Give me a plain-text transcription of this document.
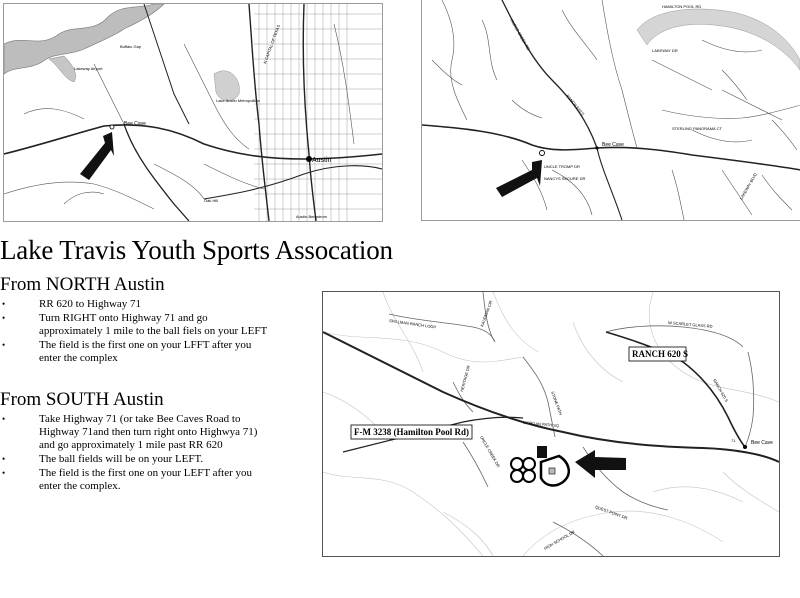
Bee Cave
Austin
Lake Austin Metropolitan
Lakeway Airport
Buffalo Gap
Oak Hill
N CAPITAL OF TEXAS
Austin-Bergstrom
Bee Cave
RANCH 620 S
LAKEWAY DR
STERLING PANORAMA CT
UNCLE TROMP DR
NANCYS SECURE DR
HURST CREEK RD
HAMILTON POOL RD
LAKEWAY BLVD
Lake Travis Youth Sports Assocation
From NORTH Austin
•	RR 620 to Highway 71
•	Turn RIGHT onto Highway 71 and go approximately 1 mile to the ball fiels on your LEFT
•	The field is the first one on your LFFT after you enter the complex
From SOUTH Austin
•	Take Highway 71 (or take Bee Caves Road to Highway 71and then turn right onto Highwya 71) and go approximately 1 mile past RR 620
•	The ball fields will be on your LEFT.
•	The field is the first one on your LEFT after you enter the complex.
RANCH 620 S
F-M 3238 (Hamilton Pool Rd)
Bee Cave
SPILLMAN RANCH LOOP	W SCARLET GLASS RD
RANCH 620 S
MORGAN PATH SQ
UNCLE CREEK DR
HIGH SCHOOL DR
QUEST POINT DR
71
HERITAGE DR
KAUFMAN CIR
STONE PATH
